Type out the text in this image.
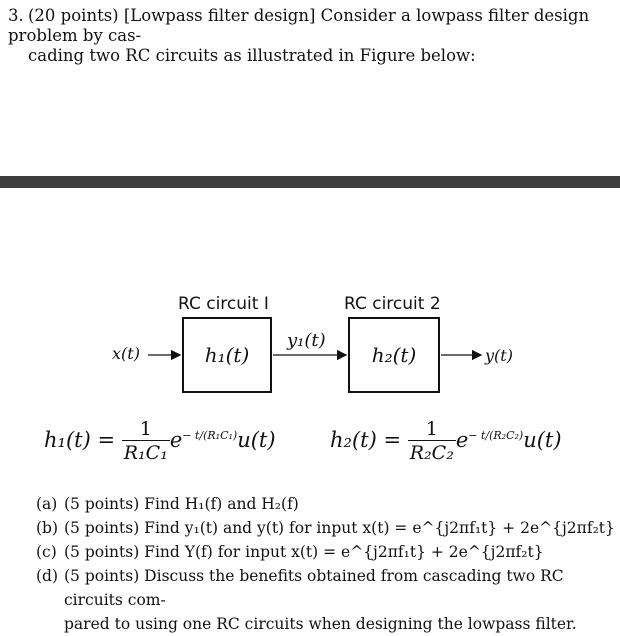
3. (20 points) [Lowpass filter design] Consider a lowpass filter design problem by cas-
cading two RC circuits as illustrated in Figure below:
RC circuit I	RC circuit 2
h₁(t)	h₂(t)
x(t)
y₁(t)
y(t)
$h_1(t) = \frac{1}{\text{R₁C₁}} e^{- t/(R_1C_1)}u(t)$	$h_2(t) = \frac{1}{\text{R₂C₂}} e^{- t/(R_2C_2)}u(t)$
(a) (5 points) Find H₁(f) and H₂(f)
(b) (5 points) Find y₁(t) and y(t) for input x(t) = e^{j2πf₁t} + 2e^{j2πf₂t}
(c) (5 points) Find Y(f) for input x(t) = e^{j2πf₁t} + 2e^{j2πf₂t}
(d) (5 points) Discuss the benefits obtained from cascading two RC circuits com-
pared to using one RC circuits when designing the lowpass filter.
